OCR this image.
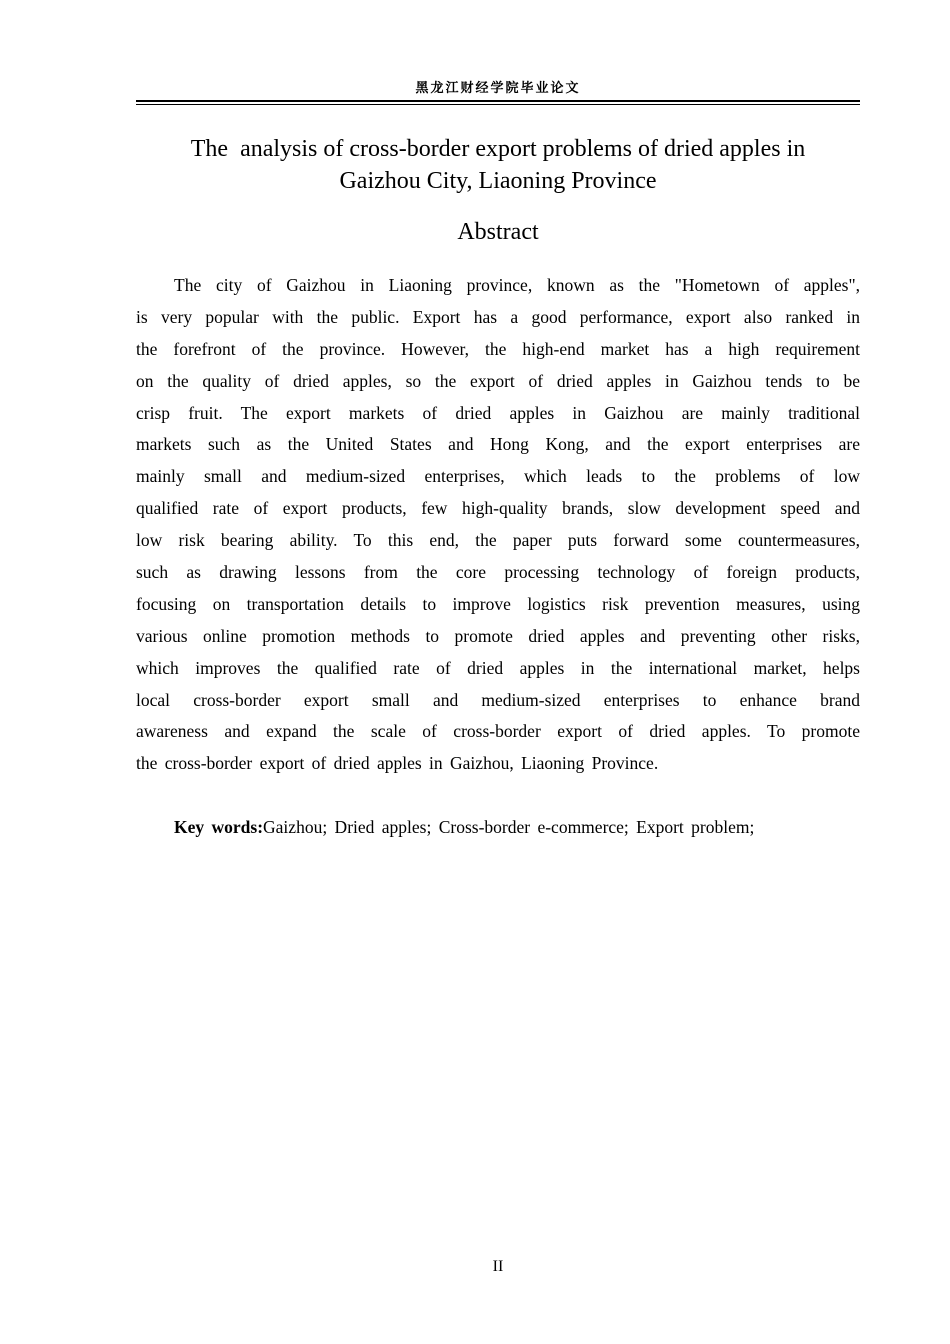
黑龙江财经学院毕业论文
The  analysis of cross-border export problems of dried apples in
Gaizhou City, Liaoning Province
Abstract
The city of Gaizhou in Liaoning province, known as the "Hometown of apples",
is very popular with the public. Export has a good performance, export also ranked in
the forefront of the province. However, the high-end market has a high requirement
on the quality of dried apples, so the export of dried apples in Gaizhou tends to be
crisp fruit. The export markets of dried apples in Gaizhou are mainly traditional
markets such as the United States and Hong Kong, and the export enterprises are
mainly small and medium-sized enterprises, which leads to the problems of low
qualified rate of export products, few high-quality brands, slow development speed and
low risk bearing ability. To this end, the paper puts forward some countermeasures,
such as drawing lessons from the core processing technology of foreign products,
focusing on transportation details to improve logistics risk prevention measures, using
various online promotion methods to promote dried apples and preventing other risks,
which improves the qualified rate of dried apples in the international market, helps
local cross-border export small and medium-sized enterprises to enhance brand
awareness and expand the scale of cross-border export of dried apples. To promote
the cross-border export of dried apples in Gaizhou, Liaoning Province.
Key words:Gaizhou; Dried apples; Cross-border e-commerce; Export problem;
II
